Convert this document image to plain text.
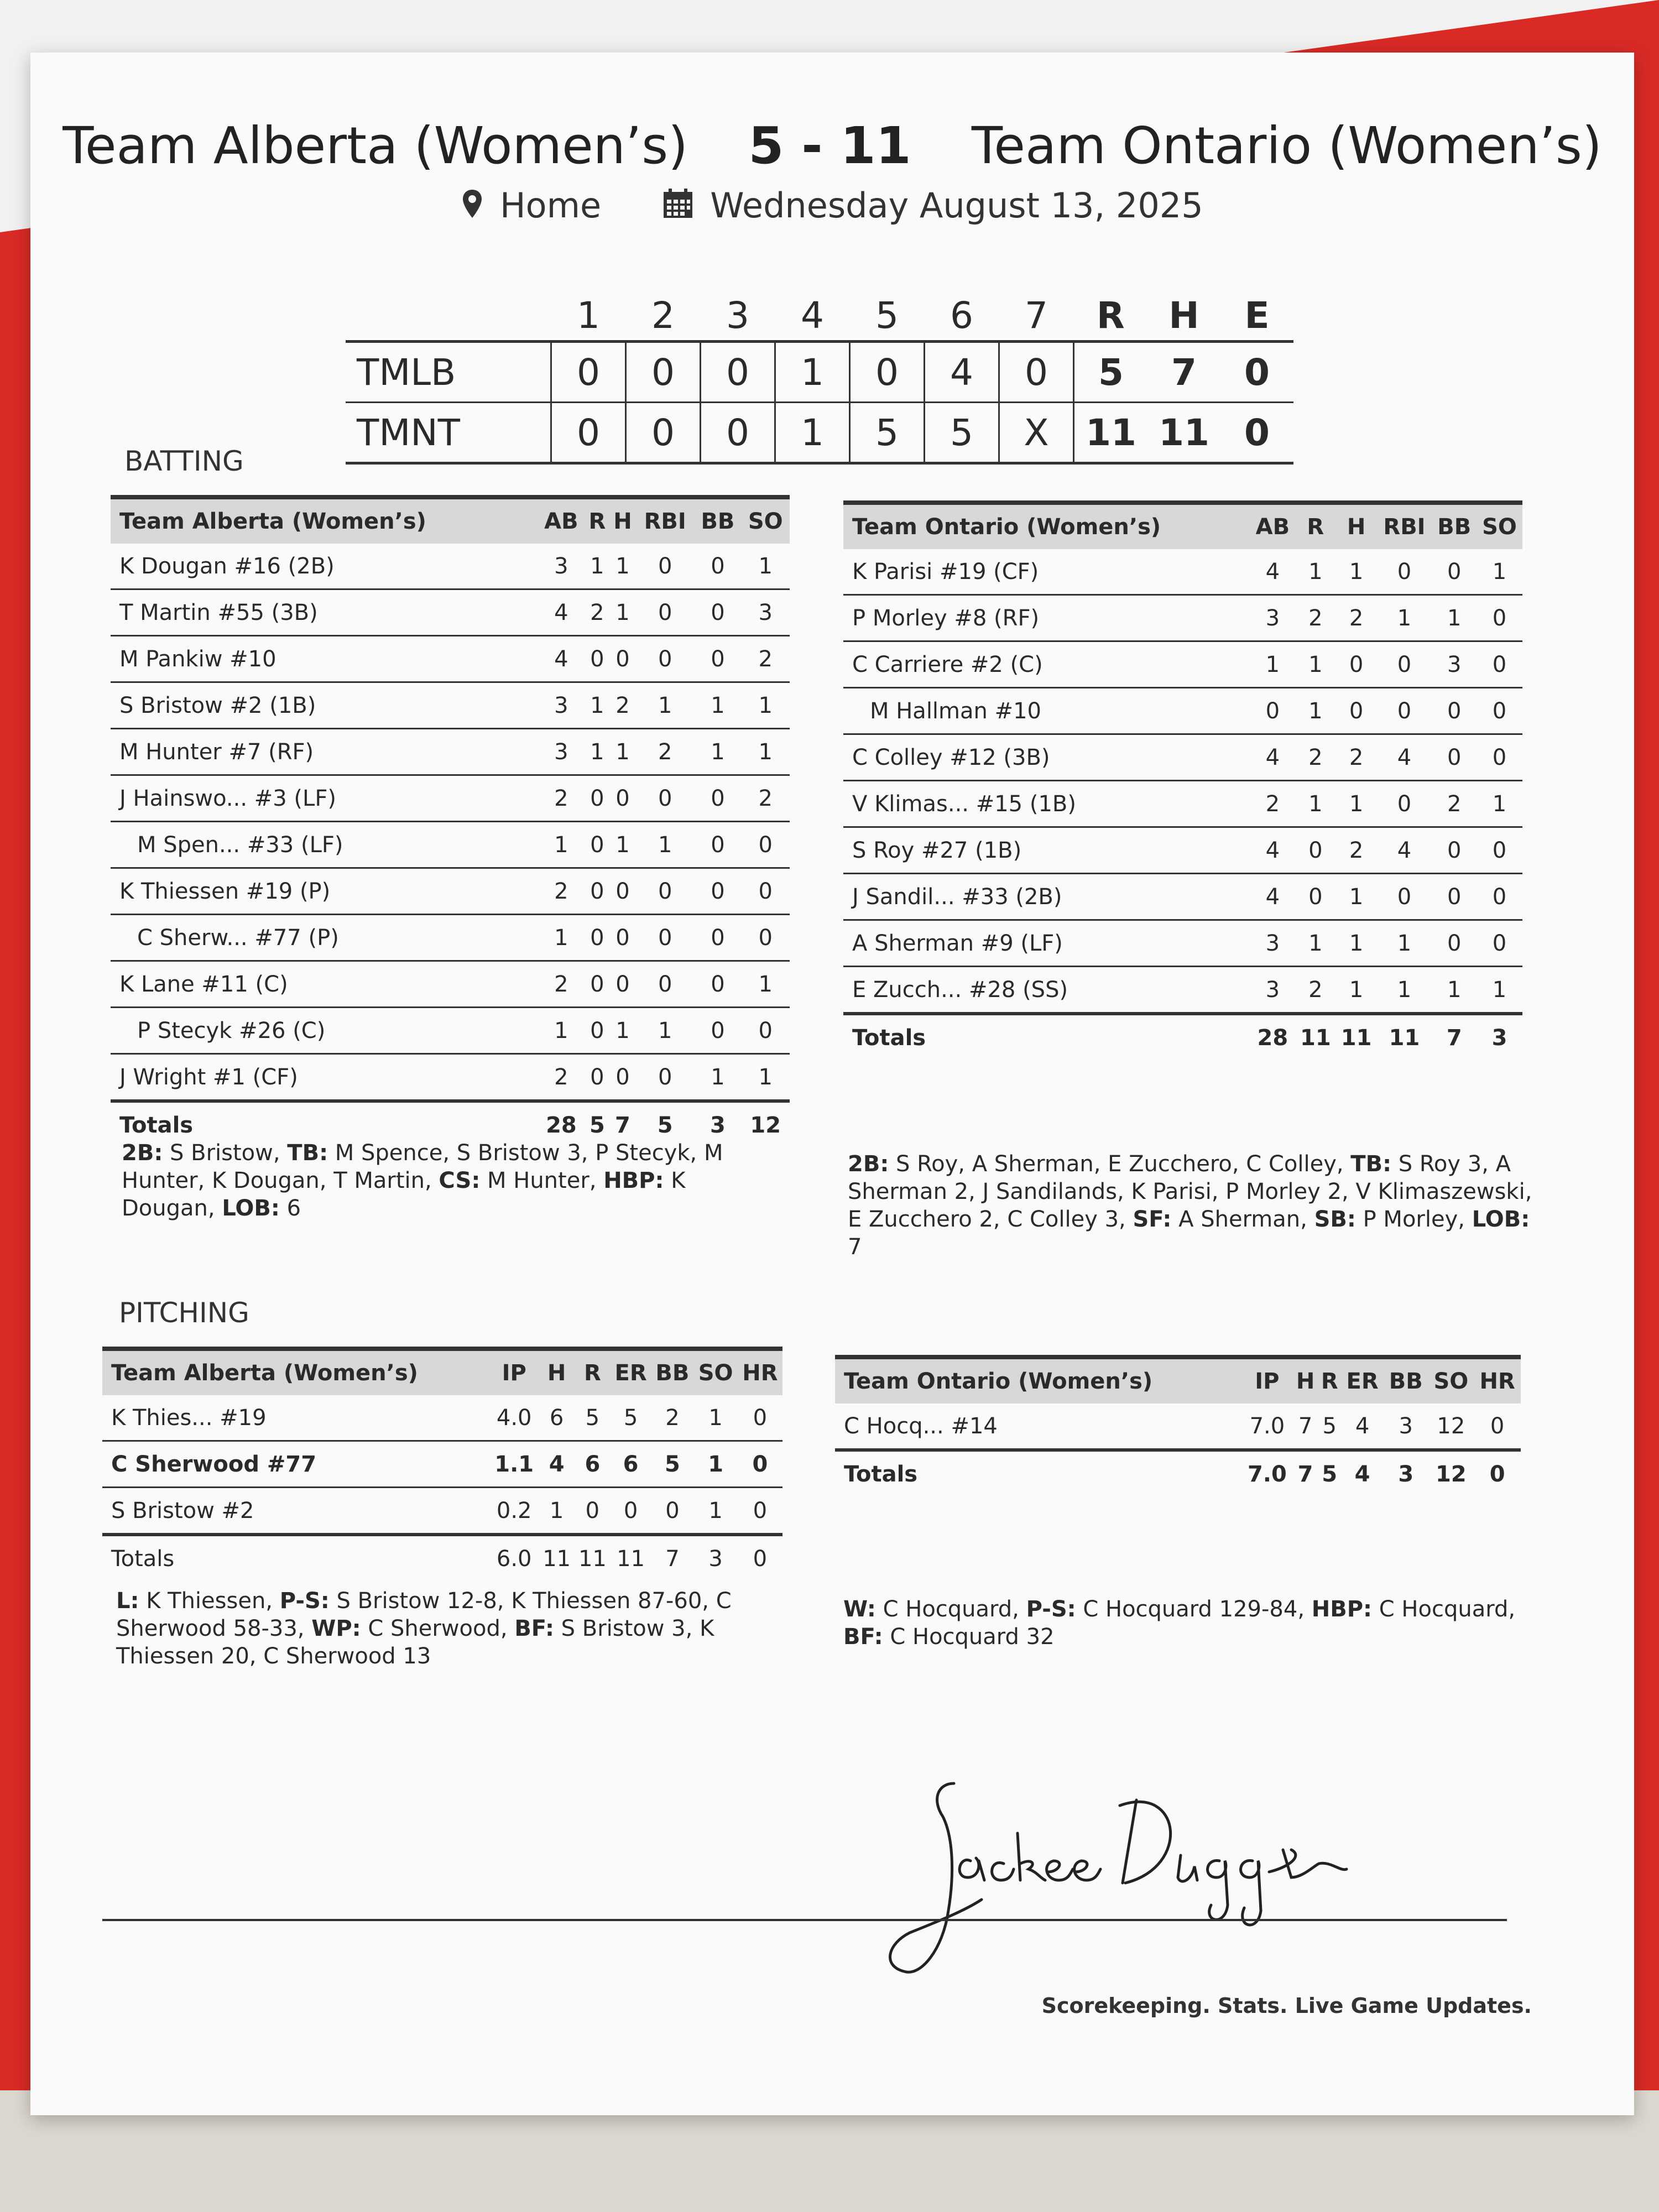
Team Alberta (Women’s) 5 - 11 Team Ontario (Women’s)
Home	Wednesday August 13, 2025
	1	2	3	4	5	6	7	R	H	E
TMLB	0	0	0	1	0	4	0	5	7	0
TMNT	0	0	0	1	5	5	X	11	11	0
BATTING
Team Alberta (Women’s)	AB	R	H	RBI	BB	SO
K Dougan #16 (2B)	3	1	1	0	0	1
T Martin #55 (3B)	4	2	1	0	0	3
M Pankiw #10	4	0	0	0	0	2
S Bristow #2 (1B)	3	1	2	1	1	1
M Hunter #7 (RF)	3	1	1	2	1	1
J Hainswo... #3 (LF)	2	0	0	0	0	2
M Spen... #33 (LF)	1	0	1	1	0	0
K Thiessen #19 (P)	2	0	0	0	0	0
C Sherw... #77 (P)	1	0	0	0	0	0
K Lane #11 (C)	2	0	0	0	0	1
P Stecyk #26 (C)	1	0	1	1	0	0
J Wright #1 (CF)	2	0	0	0	1	1
Totals	28	5	7	5	3	12
Team Ontario (Women’s)	AB	R	H	RBI	BB	SO
K Parisi #19 (CF)	4	1	1	0	0	1
P Morley #8 (RF)	3	2	2	1	1	0
C Carriere #2 (C)	1	1	0	0	3	0
M Hallman #10	0	1	0	0	0	0
C Colley #12 (3B)	4	2	2	4	0	0
V Klimas... #15 (1B)	2	1	1	0	2	1
S Roy #27 (1B)	4	0	2	4	0	0
J Sandil... #33 (2B)	4	0	1	0	0	0
A Sherman #9 (LF)	3	1	1	1	0	0
E Zucch... #28 (SS)	3	2	1	1	1	1
Totals	28	11	11	11	7	3
2B: S Bristow, TB: M Spence, S Bristow 3, P Stecyk, M Hunter, K Dougan, T Martin, CS: M Hunter, HBP: K Dougan, LOB: 6
2B: S Roy, A Sherman, E Zucchero, C Colley, TB: S Roy 3, A Sherman 2, J Sandilands, K Parisi, P Morley 2, V Klimaszewski, E Zucchero 2, C Colley 3, SF: A Sherman, SB: P Morley, LOB: 7
PITCHING
Team Alberta (Women’s)	IP	H	R	ER	BB	SO	HR
K Thies... #19	4.0	6	5	5	2	1	0
C Sherwood #77	1.1	4	6	6	5	1	0
S Bristow #2	0.2	1	0	0	0	1	0
Totals	6.0	11	11	11	7	3	0
Team Ontario (Women’s)	IP	H	R	ER	BB	SO	HR
C Hocq... #14	7.0	7	5	4	3	12	0
Totals	7.0	7	5	4	3	12	0
L: K Thiessen, P-S: S Bristow 12-8, K Thiessen 87-60, C Sherwood 58-33, WP: C Sherwood, BF: S Bristow 3, K Thiessen 20, C Sherwood 13
W: C Hocquard, P-S: C Hocquard 129-84, HBP: C Hocquard, BF: C Hocquard 32
Scorekeeping. Stats. Live Game Updates.
